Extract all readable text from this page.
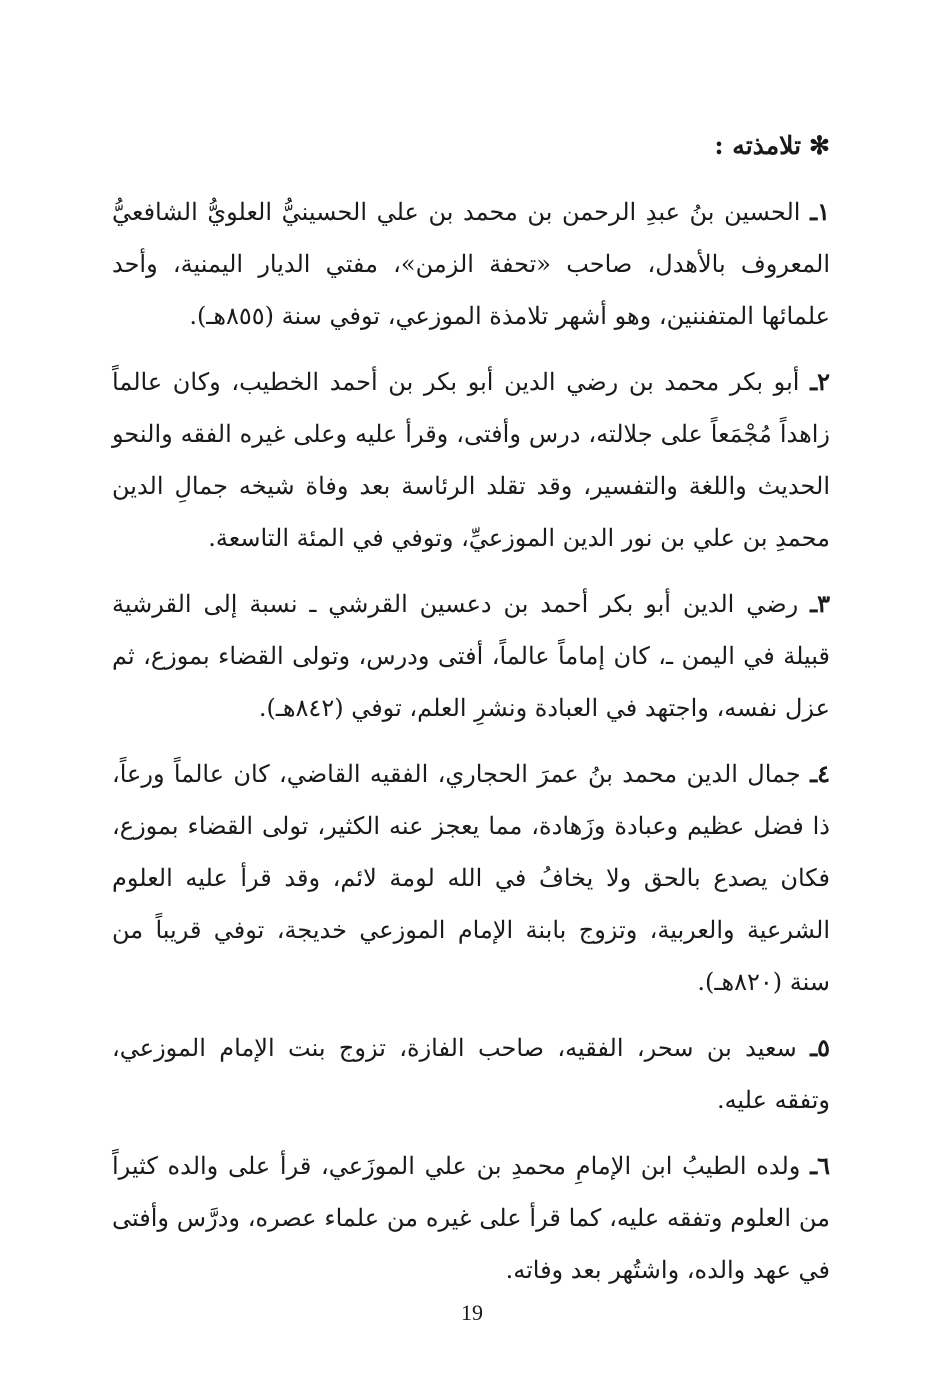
✻تلامذته :

١ـ الحسين بنُ عبدِ الرحمن بن محمد بن علي الحسينيُّ العلويُّ الشافعيُّ المعروف بالأهدل، صاحب «تحفة الزمن»، مفتي الديار اليمنية، وأحد علمائها المتفننين، وهو أشهر تلامذة الموزعي، توفي سنة (٨٥٥هـ).

٢ـ أبو بكر محمد بن رضي الدين أبو بكر بن أحمد الخطيب، وكان عالماً زاهداً مُجْمَعاً على جلالته، درس وأفتى، وقرأ عليه وعلى غيره الفقه والنحو الحديث واللغة والتفسير، وقد تقلد الرئاسة بعد وفاة شيخه جمالِ الدين محمدِ بن علي بن نور الدين الموزعيِّ، وتوفي في المئة التاسعة.

٣ـ رضي الدين أبو بكر أحمد بن دعسين القرشي ـ نسبة إلى القرشية قبيلة في اليمن ـ، كان إماماً عالماً، أفتى ودرس، وتولى القضاء بموزع، ثم عزل نفسه، واجتهد في العبادة ونشرِ العلم، توفي (٨٤٢هـ).

٤ـ جمال الدين محمد بنُ عمرَ الحجاري، الفقيه القاضي، كان عالماً ورعاً، ذا فضل عظيم وعبادة وزَهادة، مما يعجز عنه الكثير، تولى القضاء بموزع، فكان يصدع بالحق ولا يخافُ في الله لومة لائم، وقد قرأ عليه العلوم الشرعية والعربية، وتزوج بابنة الإمام الموزعي خديجة، توفي قريباً من سنة (٨٢٠هـ).

٥ـ سعيد بن سحر، الفقيه، صاحب الفازة، تزوج بنت الإمام الموزعي، وتفقه عليه.

٦ـ ولده الطيبُ ابن الإمامِ محمدِ بن علي الموزَعي، قرأ على والده كثيراً من العلوم وتفقه عليه، كما قرأ على غيره من علماء عصره، ودرَّس وأفتى في عهد والده، واشتُهر بعد وفاته.

19
